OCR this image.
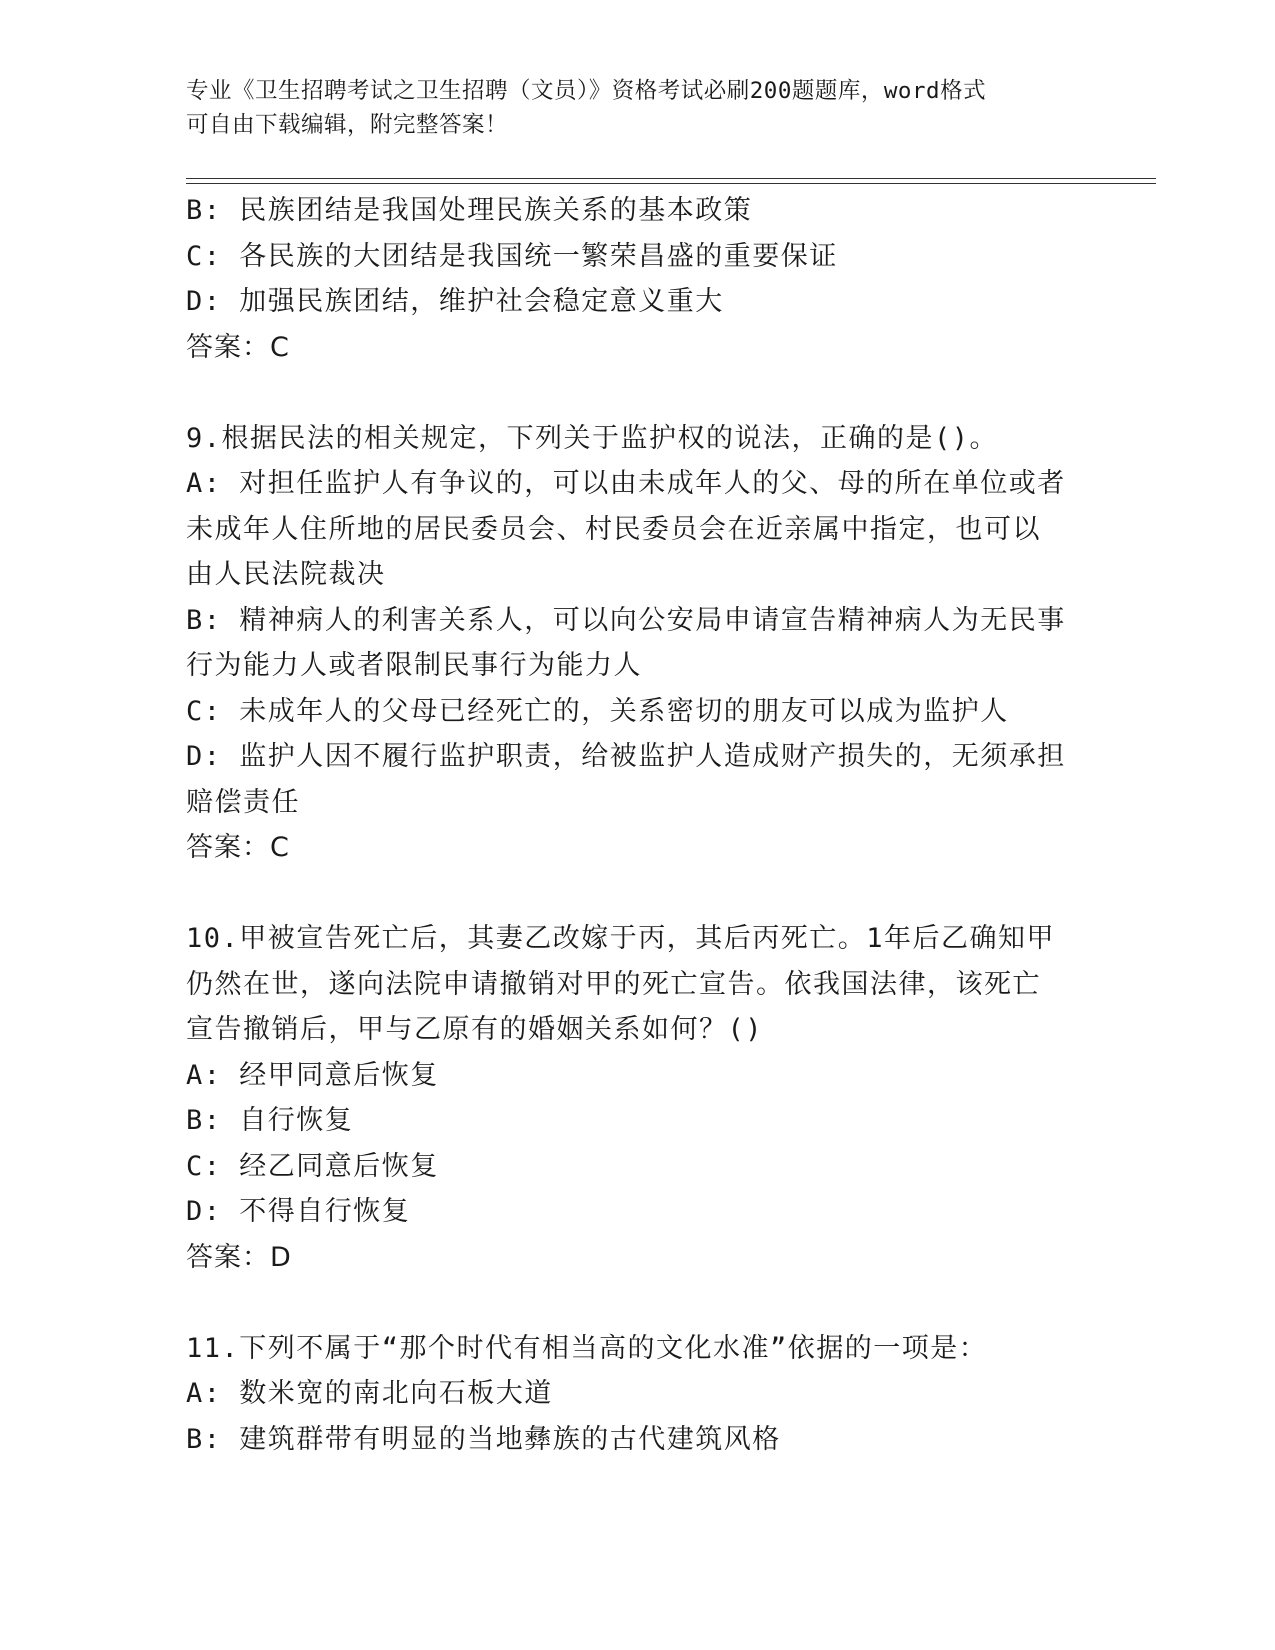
专业《卫生招聘考试之卫生招聘（文员）》资格考试必刷200题题库，word格式
可自由下载编辑，附完整答案！
B: 民族团结是我国处理民族关系的基本政策
C: 各民族的大团结是我国统一繁荣昌盛的重要保证
D: 加强民族团结，维护社会稳定意义重大
答案：C
9.根据民法的相关规定，下列关于监护权的说法，正确的是()。
A: 对担任监护人有争议的，可以由未成年人的父、母的所在单位或者
未成年人住所地的居民委员会、村民委员会在近亲属中指定，也可以
由人民法院裁决
B: 精神病人的利害关系人，可以向公安局申请宣告精神病人为无民事
行为能力人或者限制民事行为能力人
C: 未成年人的父母已经死亡的，关系密切的朋友可以成为监护人
D: 监护人因不履行监护职责，给被监护人造成财产损失的，无须承担
赔偿责任
答案：C
10.甲被宣告死亡后，其妻乙改嫁于丙，其后丙死亡。1年后乙确知甲
仍然在世，遂向法院申请撤销对甲的死亡宣告。依我国法律，该死亡
宣告撤销后，甲与乙原有的婚姻关系如何？()
A: 经甲同意后恢复
B: 自行恢复
C: 经乙同意后恢复
D: 不得自行恢复
答案：D
11.下列不属于“那个时代有相当高的文化水准”依据的一项是：
A: 数米宽的南北向石板大道
B: 建筑群带有明显的当地彝族的古代建筑风格
